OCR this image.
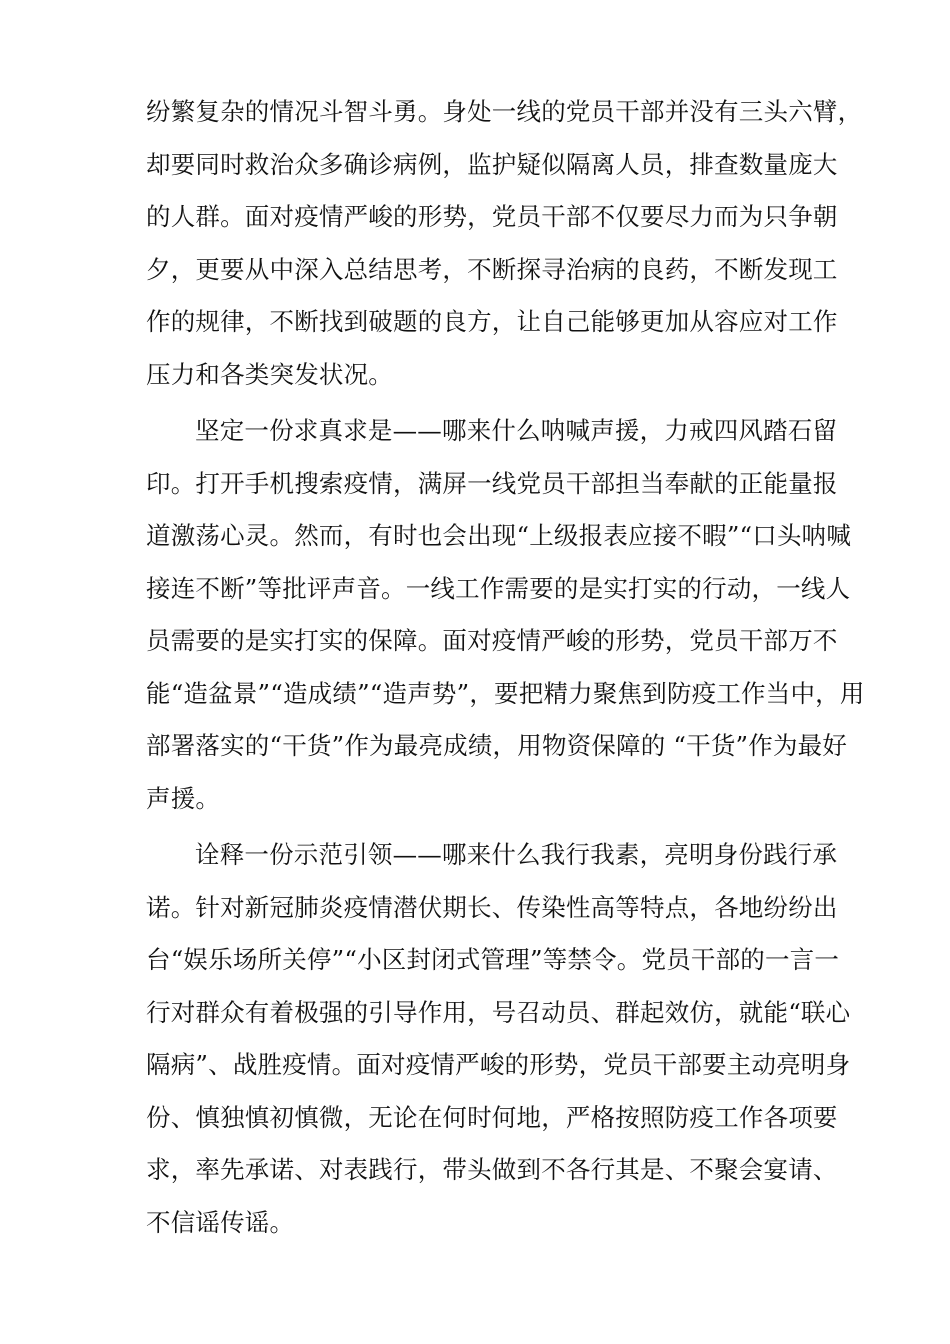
纷繁复杂的情况斗智斗勇。身处一线的党员干部并没有三头六臂，
却要同时救治众多确诊病例，监护疑似隔离人员，排查数量庞大
的人群。面对疫情严峻的形势，党员干部不仅要尽力而为只争朝
夕，更要从中深入总结思考，不断探寻治病的良药，不断发现工
作的规律，不断找到破题的良方，让自己能够更加从容应对工作
压力和各类突发状况。
坚定一份求真求是——哪来什么呐喊声援，力戒四风踏石留
印。打开手机搜索疫情，满屏一线党员干部担当奉献的正能量报
道激荡心灵。然而，有时也会出现“上级报表应接不暇”“口头呐喊
接连不断”等批评声音。一线工作需要的是实打实的行动，一线人
员需要的是实打实的保障。面对疫情严峻的形势，党员干部万不
能“造盆景”“造成绩”“造声势”，要把精力聚焦到防疫工作当中，用
部署落实的“干货”作为最亮成绩，用物资保障的 “干货”作为最好
声援。
诠释一份示范引领——哪来什么我行我素，亮明身份践行承
诺。针对新冠肺炎疫情潜伏期长、传染性高等特点，各地纷纷出
台“娱乐场所关停”“小区封闭式管理”等禁令。党员干部的一言一
行对群众有着极强的引导作用，号召动员、群起效仿，就能“联心
隔病”、战胜疫情。面对疫情严峻的形势，党员干部要主动亮明身
份、慎独慎初慎微，无论在何时何地，严格按照防疫工作各项要
求，率先承诺、对表践行，带头做到不各行其是、不聚会宴请、
不信谣传谣。
